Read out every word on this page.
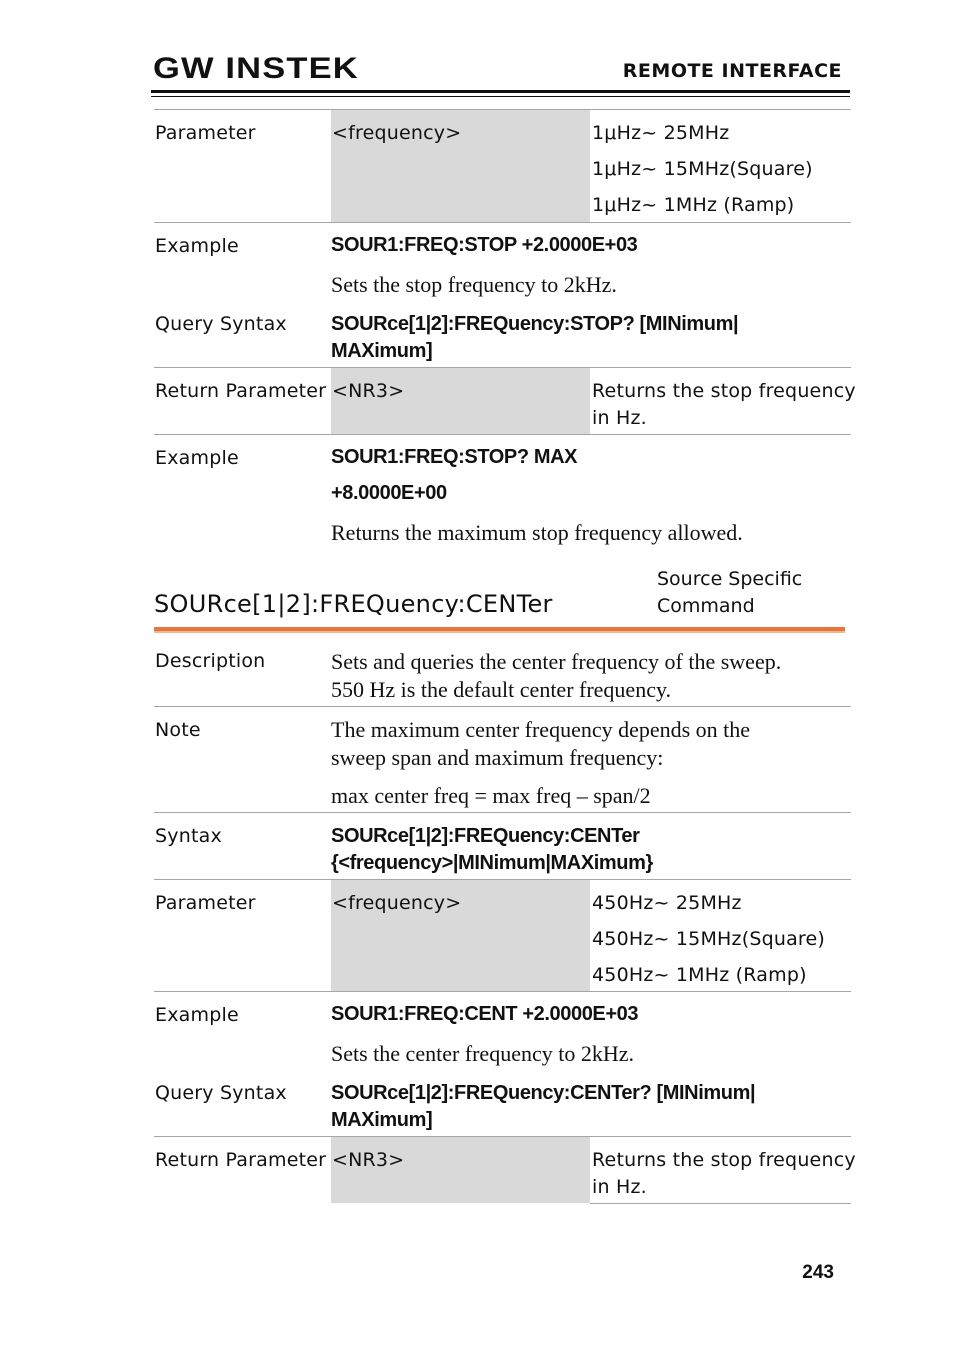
GW INSTEK	REMOTE INTERFACE
Parameter	<frequency>	1μHz~ 25MHz
1μHz~ 15MHz(Square)
1μHz~ 1MHz (Ramp)
Example	SOUR1:FREQ:STOP +2.0000E+03
Sets the stop frequency to 2kHz.
Query Syntax SOURce[1|2]:FREQuency:STOP? [MINimum|
MAXimum]
Return Parameter <NR3>	Returns the stop frequency
in Hz.
Example	SOUR1:FREQ:STOP? MAX
+8.0000E+00
Returns the maximum stop frequency allowed.
SOURce[1|2]:FREQuency:CENTer
Source Specific
Command
Description	Sets and queries the center frequency of the sweep.
550 Hz is the default center frequency.
Note	The maximum center frequency depends on the
sweep span and maximum frequency:
max center freq = max freq – span/2
Syntax	SOURce[1|2]:FREQuency:CENTer
{<frequency>|MINimum|MAXimum}
Parameter	<frequency>	450Hz~ 25MHz
450Hz~ 15MHz(Square)
450Hz~ 1MHz (Ramp)
Example	SOUR1:FREQ:CENT +2.0000E+03
Sets the center frequency to 2kHz.
Query Syntax SOURce[1|2]:FREQuency:CENTer? [MINimum|
MAXimum]
Return Parameter <NR3>	Returns the stop frequency
in Hz.
243
